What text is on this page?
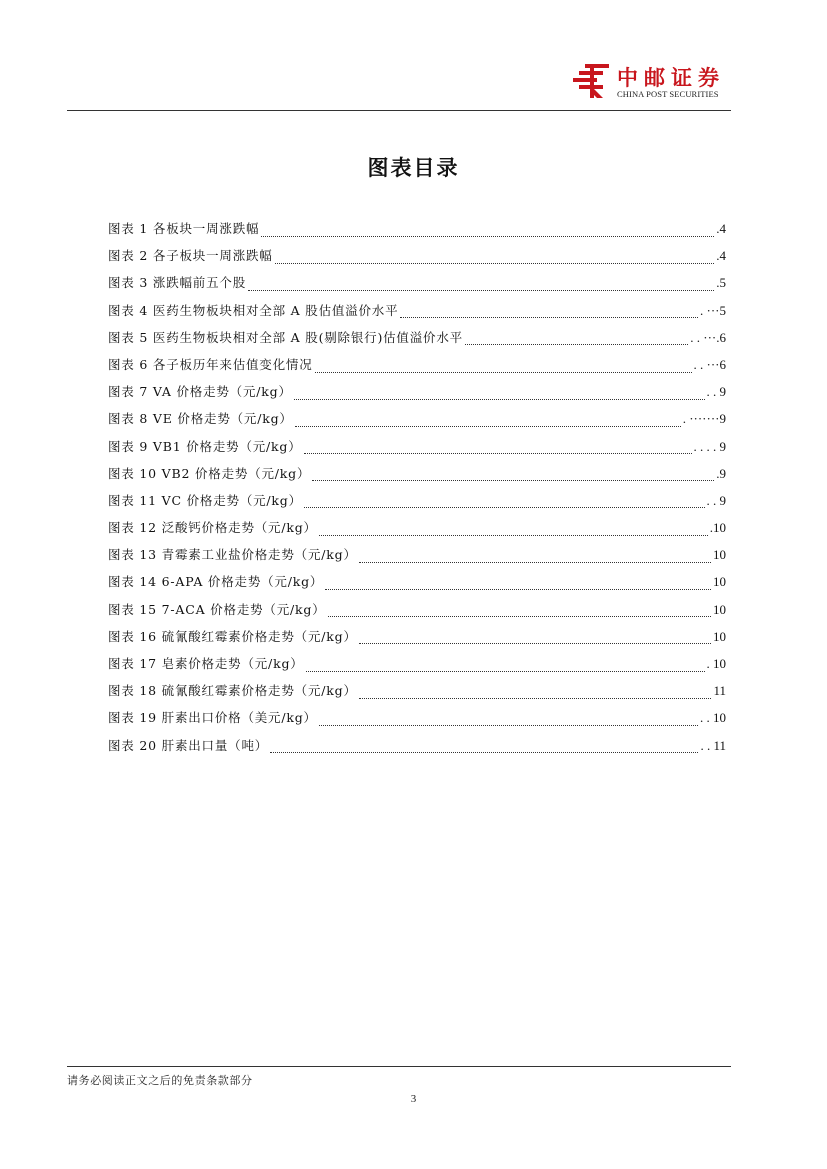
中邮证券
CHINA POST SECURITIES
图表目录
图表 1 各板块一周涨跌幅	.4
图表 2 各子板块一周涨跌幅	.4
图表 3 涨跌幅前五个股	.5
图表 4 医药生物板块相对全部 A 股估值溢价水平	. ···5
图表 5 医药生物板块相对全部 A 股(剔除银行)估值溢价水平	. . ···.6
图表 6 各子板历年来估值变化情况	. . ···6
图表 7 VA 价格走势（元/kg）	. . 9
图表 8 VE 价格走势（元/kg）	. ·······9
图表 9 VB1 价格走势（元/kg）	. . . . 9
图表 10 VB2 价格走势（元/kg）	.9
图表 11 VC 价格走势（元/kg）	. . 9
图表 12 泛酸钙价格走势（元/kg）	.10
图表 13 青霉素工业盐价格走势（元/kg）	10
图表 14 6-APA 价格走势（元/kg）	10
图表 15 7-ACA 价格走势（元/kg）	10
图表 16 硫氰酸红霉素价格走势（元/kg）	10
图表 17 皂素价格走势（元/kg）	. 10
图表 18 硫氰酸红霉素价格走势（元/kg）	11
图表 19 肝素出口价格（美元/kg）	. . 10
图表 20 肝素出口量（吨）	. . 11
请务必阅读正文之后的免责条款部分
3
